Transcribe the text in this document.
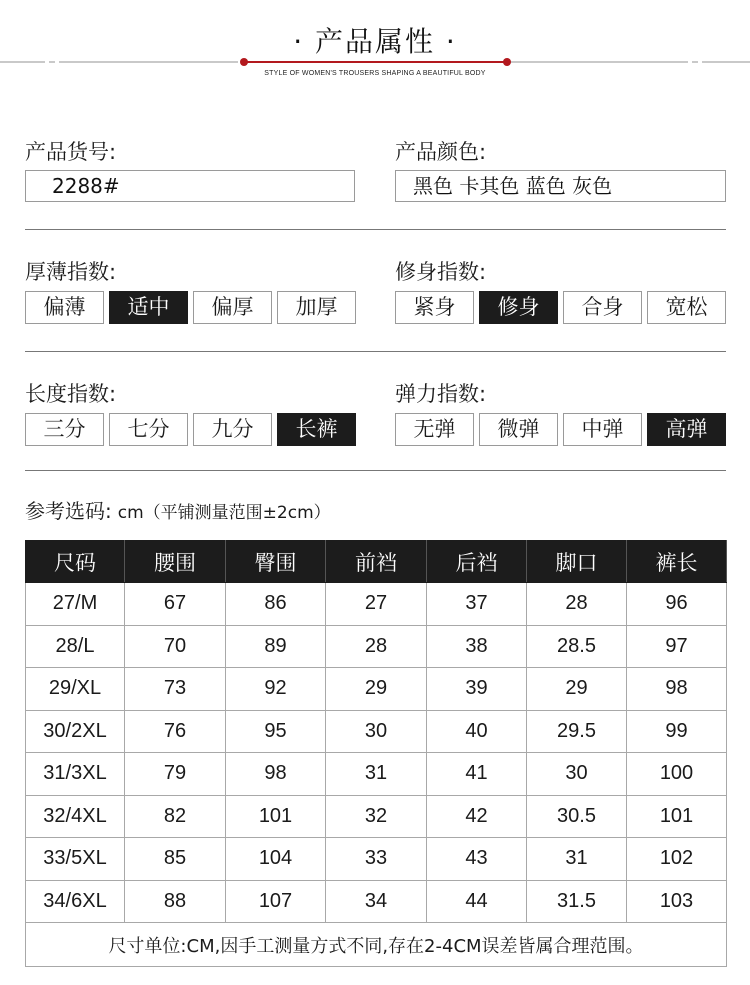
· 产品属性 ·
STYLE OF WOMEN'S TROUSERS SHAPING A BEAUTIFUL BODY
产品货号:
2288#
产品颜色:
黑色 卡其色 蓝色 灰色
厚薄指数:
偏薄	适中	偏厚	加厚
修身指数:
紧身	修身	合身	宽松
长度指数:
三分	七分	九分	长裤
弹力指数:
无弹	微弹	中弹	高弹
参考选码: cm（平铺测量范围±2cm）
尺码	腰围	臀围	前裆	后裆	脚口	裤长
27/M	67	86	27	37	28	96
28/L	70	89	28	38	28.5	97
29/XL	73	92	29	39	29	98
30/2XL	76	95	30	40	29.5	99
31/3XL	79	98	31	41	30	100
32/4XL	82	101	32	42	30.5	101
33/5XL	85	104	33	43	31	102
34/6XL	88	107	34	44	31.5	103
尺寸单位:CM,因手工测量方式不同,存在2-4CM误差皆属合理范围。						
